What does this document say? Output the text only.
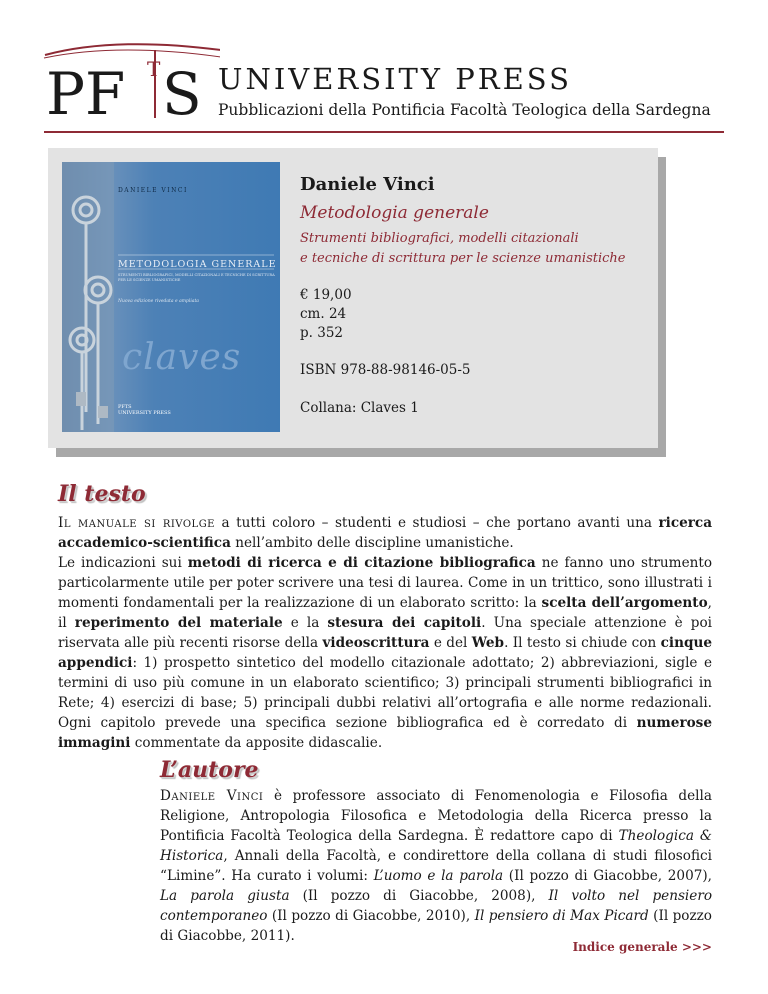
PF S
T UNIVERSITY PRESS
Pubblicazioni della Pontificia Facoltà Teologica della Sardegna
DANIELE VINCI
METODOLOGIA GENERALE
STRUMENTI BIBLIOGRAFICI, MODELLI CITAZIONALI E TECNICHE DI SCRITTURA PER LE SCIENZE UMANISTICHE
Nuova edizione rivedata e ampliata
claves
PFTS
UNIVERSITY PRESS
Daniele Vinci
Metodologia generale
Strumenti bibliografici, modelli citazionali
e tecniche di scrittura per le scienze umanistiche
€ 19,00
cm. 24
p. 352
ISBN 978-88-98146-05-5
Collana: Claves 1
Il testo

Il manuale si rivolge a tutti coloro – studenti e studiosi – che portano avanti una ricerca accademico-scientifica nell’ambito delle discipline umanistiche.

Le indicazioni sui metodi di ricerca e di citazione bibliografica ne fanno uno strumento particolarmente utile per poter scrivere una tesi di laurea. Come in un trittico, sono illustrati i momenti fondamentali per la realizzazione di un elaborato scritto: la scelta dell’argomento, il reperimento del materiale e la stesura dei capitoli. Una speciale attenzione è poi riservata alle più recenti risorse della videoscrittura e del Web. Il testo si chiude con cinque appendici: 1) prospetto sintetico del modello citazionale adottato; 2) abbreviazioni, sigle e termini di uso più comune in un elaborato scientifico; 3) principali strumenti bibliografici in Rete; 4) esercizi di base; 5) principali dubbi relativi all’ortografia e alle norme redazionali. Ogni capitolo prevede una specifica sezione bibliografica ed è corredato di numerose immagini commentate da apposite didascalie.

L’autore
Daniele Vinci è professore associato di Fenomenologia e Filosofia della Religione, Antropologia Filosofica e Metodologia della Ricerca presso la Pontificia Facoltà Teologica della Sardegna. È redattore capo di Theologica & Historica, Annali della Facoltà, e condirettore della collana di studi filosofici “Limine”. Ha curato i volumi: L’uomo e la parola (Il pozzo di Giacobbe, 2007), La parola giusta (Il pozzo di Giacobbe, 2008), Il volto nel pensiero contemporaneo (Il pozzo di Giacobbe, 2010), Il pensiero di Max Picard (Il pozzo di Giacobbe, 2011).
Indice generale >>>
